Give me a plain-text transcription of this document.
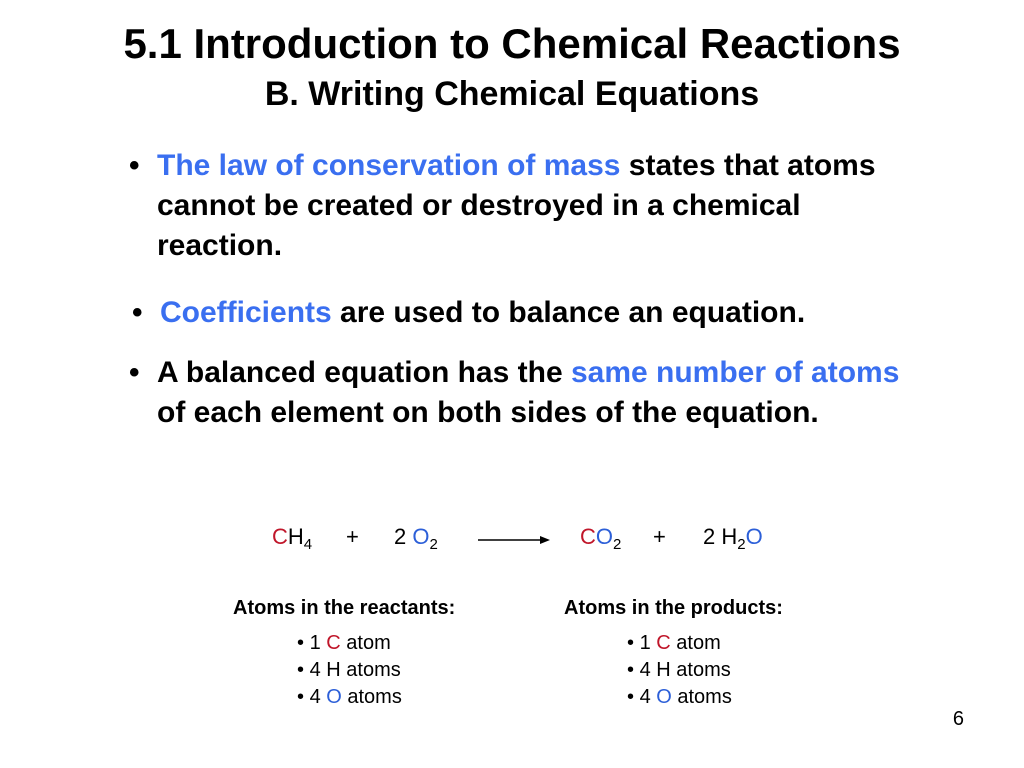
5.1 Introduction to Chemical Reactions
B. Writing Chemical Equations
• The law of conservation of mass states that atoms cannot be created or destroyed in a chemical reaction.
• Coefficients are used to balance an equation.
• A balanced equation has the same number of atoms of each element on both sides of the equation.
$CH_4 + 2$ $O_2$	$CO_2 + 2$ $H_2O$
Atoms in the reactants:
• 1 C atom
• 4 H atoms
• 4 O atoms
Atoms in the products:
• 1 C atom
• 4 H atoms
• 4 O atoms
6
